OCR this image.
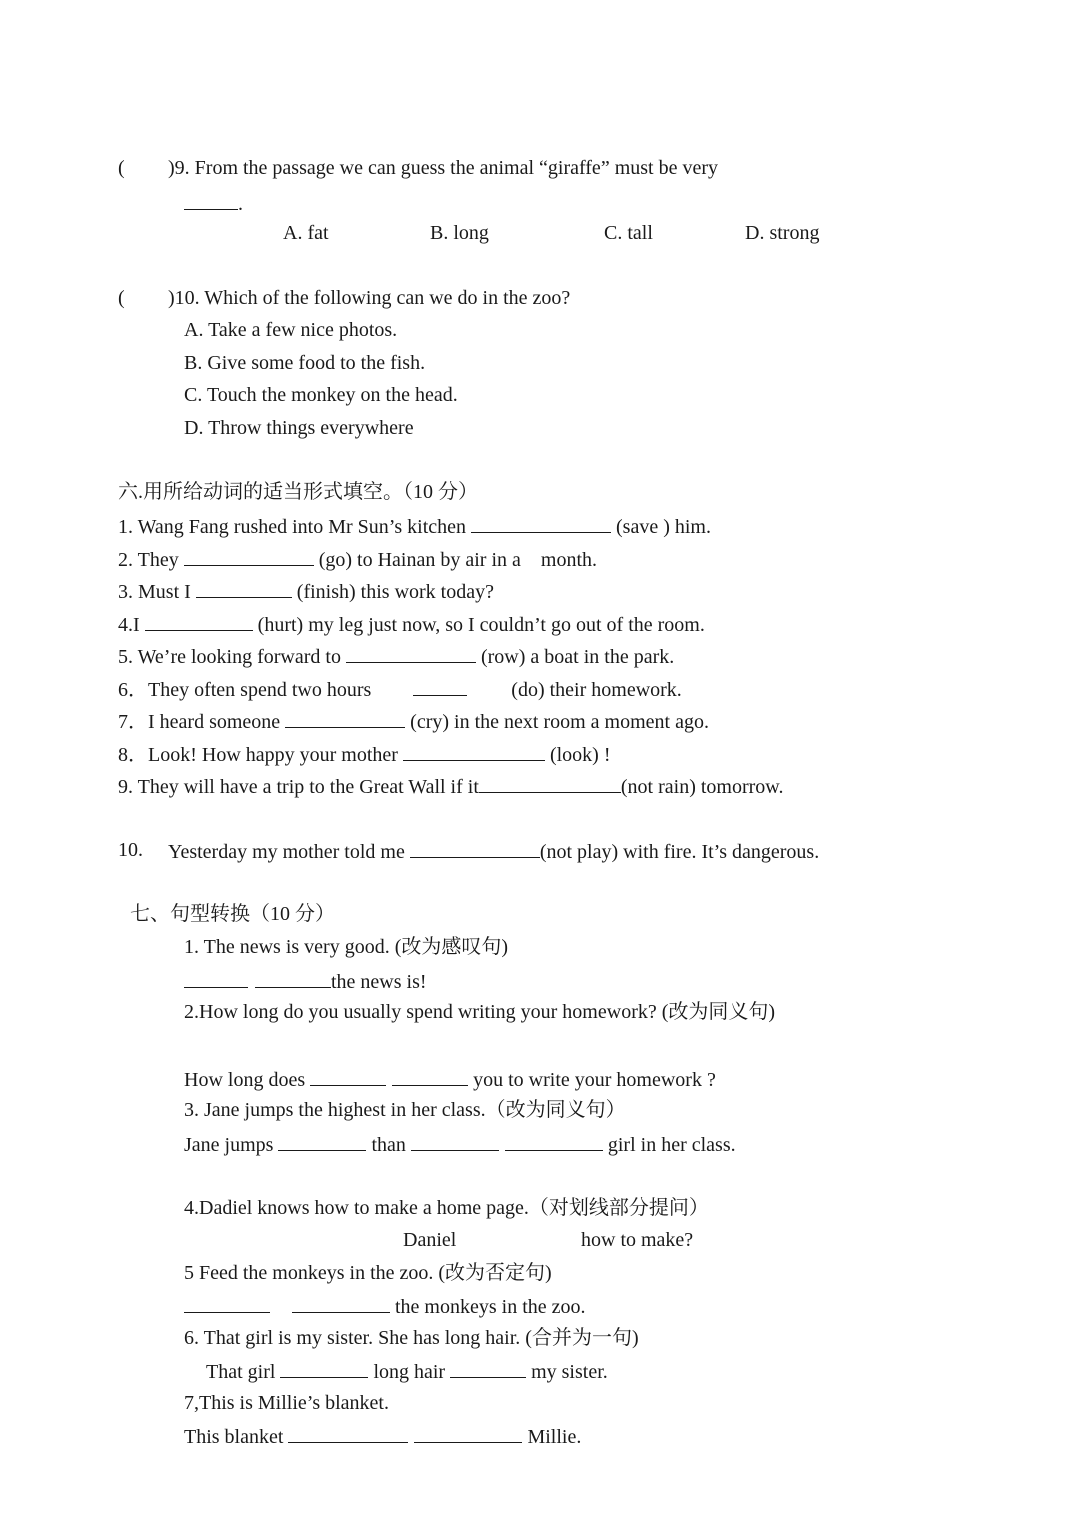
( )9. From the passage we can guess the animal “giraffe” must be very
.
A. fat	B. long	C. tall	D. strong
( )10. Which of the following can we do in the zoo?
A. Take a few nice photos.
B. Give some food to the fish.
C. Touch the monkey on the head.
D. Throw things everywhere
六.用所给动词的适当形式填空。（10 分）
1. Wang Fang rushed into Mr Sun’s kitchen	(save ) him.
2. They	(go) to Hainan by air in a    month.
3. Must I	(finish) this work today?
4.I	(hurt) my leg just now, so I couldn’t go out of the room.
5. We’re looking forward to	(row) a boat in the park.
6．They often spend two hours	(do) their homework.
7．I heard someone	(cry) in the next room a moment ago.
8．Look! How happy your mother	(look) !
9. They will have a trip to the Great Wall if it	(not rain) tomorrow.
10. Yesterday my mother told me	(not play) with fire. It’s dangerous.
七、句型转换（10 分）
1. The news is very good. (改为感叹句)
the news is!
2.How long do you usually spend writing your homework? (改为同义句)
How long does	you to write your homework ?
3. Jane jumps the highest in her class.（改为同义句）
Jane jumps	than	girl in her class.
4.Dadiel knows how to make a home page.（对划线部分提问）
Daniel	how to make?
5 Feed the monkeys in the zoo. (改为否定句)
the monkeys in the zoo.
6. That girl is my sister. She has long hair. (合并为一句)
That girl	long hair	my sister.
7,This is Millie’s blanket.
This blanket	Millie.
